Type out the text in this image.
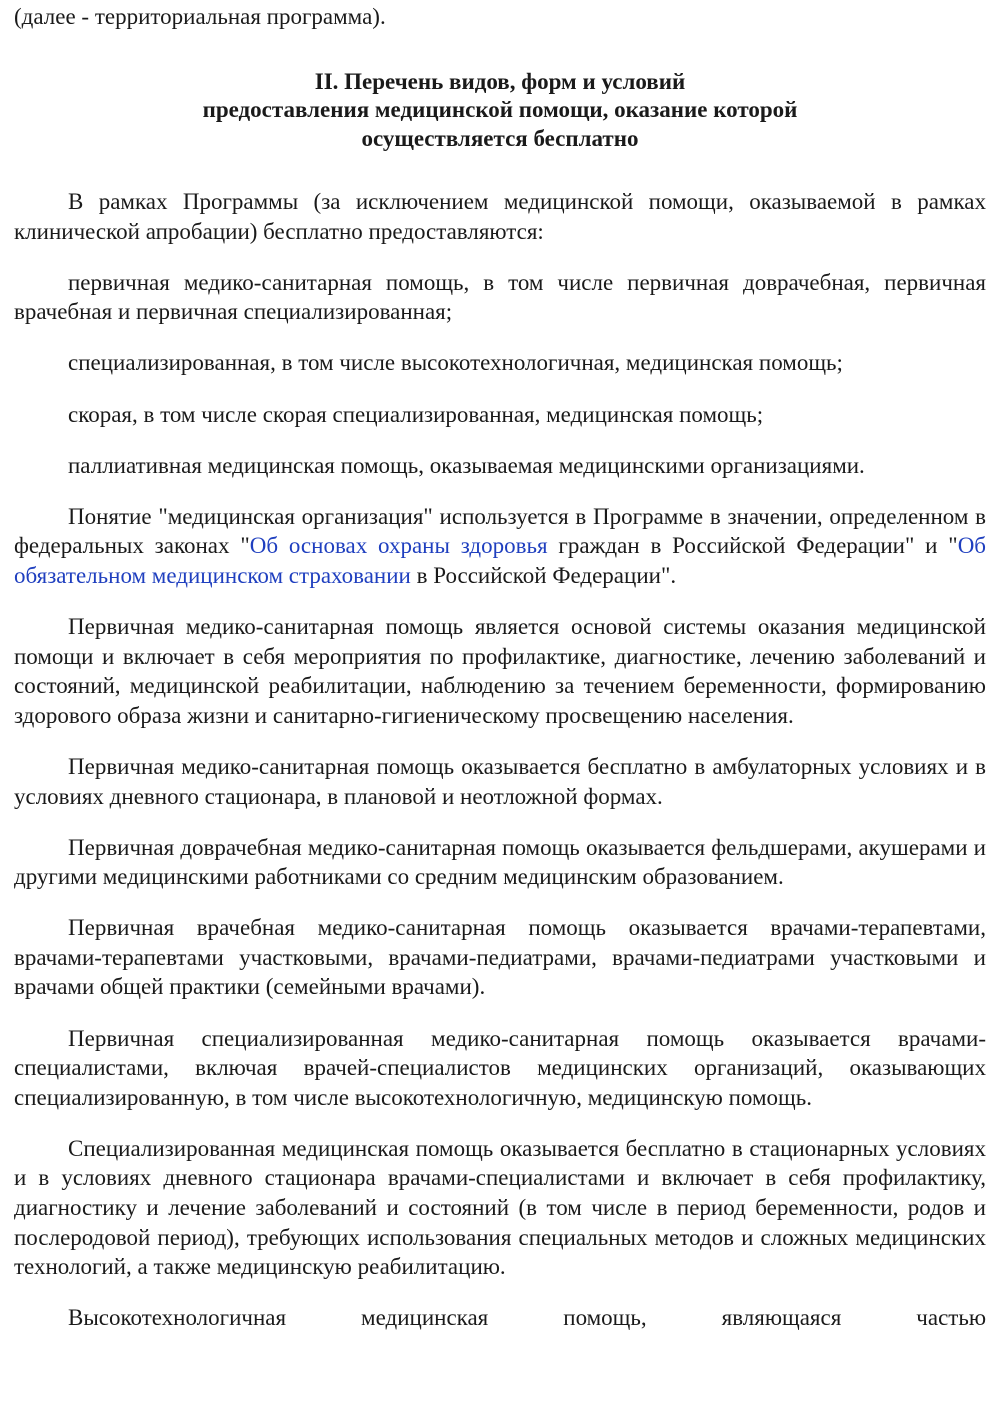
(далее - территориальная программа).

II. Перечень видов, форм и условий
предоставления медицинской помощи, оказание которой
осуществляется бесплатно

В рамках Программы (за исключением медицинской помощи, оказываемой в рамках клинической апробации) бесплатно предоставляются:

первичная медико-санитарная помощь, в том числе первичная доврачебная, первичная врачебная и первичная специализированная;

специализированная, в том числе высокотехнологичная, медицинская помощь;

скорая, в том числе скорая специализированная, медицинская помощь;

паллиативная медицинская помощь, оказываемая медицинскими организациями.

Понятие "медицинская организация" используется в Программе в значении, определенном в федеральных законах "Об основах охраны здоровья граждан в Российской Федерации" и "Об обязательном медицинском страховании в Российской Федерации".

Первичная медико-санитарная помощь является основой системы оказания медицинской помощи и включает в себя мероприятия по профилактике, диагностике, лечению заболеваний и состояний, медицинской реабилитации, наблюдению за течением беременности, формированию здорового образа жизни и санитарно-гигиеническому просвещению населения.

Первичная медико-санитарная помощь оказывается бесплатно в амбулаторных условиях и в условиях дневного стационара, в плановой и неотложной формах.

Первичная доврачебная медико-санитарная помощь оказывается фельдшерами, акушерами и другими медицинскими работниками со средним медицинским образованием.

Первичная врачебная медико-санитарная помощь оказывается врачами-терапевтами, врачами-терапевтами участковыми, врачами-педиатрами, врачами-педиатрами участковыми и врачами общей практики (семейными врачами).

Первичная специализированная медико-санитарная помощь оказывается врачами-специалистами, включая врачей-специалистов медицинских организаций, оказывающих специализированную, в том числе высокотехнологичную, медицинскую помощь.

Специализированная медицинская помощь оказывается бесплатно в стационарных условиях и в условиях дневного стационара врачами-специалистами и включает в себя профилактику, диагностику и лечение заболеваний и состояний (в том числе в период беременности, родов и послеродовой период), требующих использования специальных методов и сложных медицинских технологий, а также медицинскую реабилитацию.

Высокотехнологичная медицинская помощь, являющаяся частью
